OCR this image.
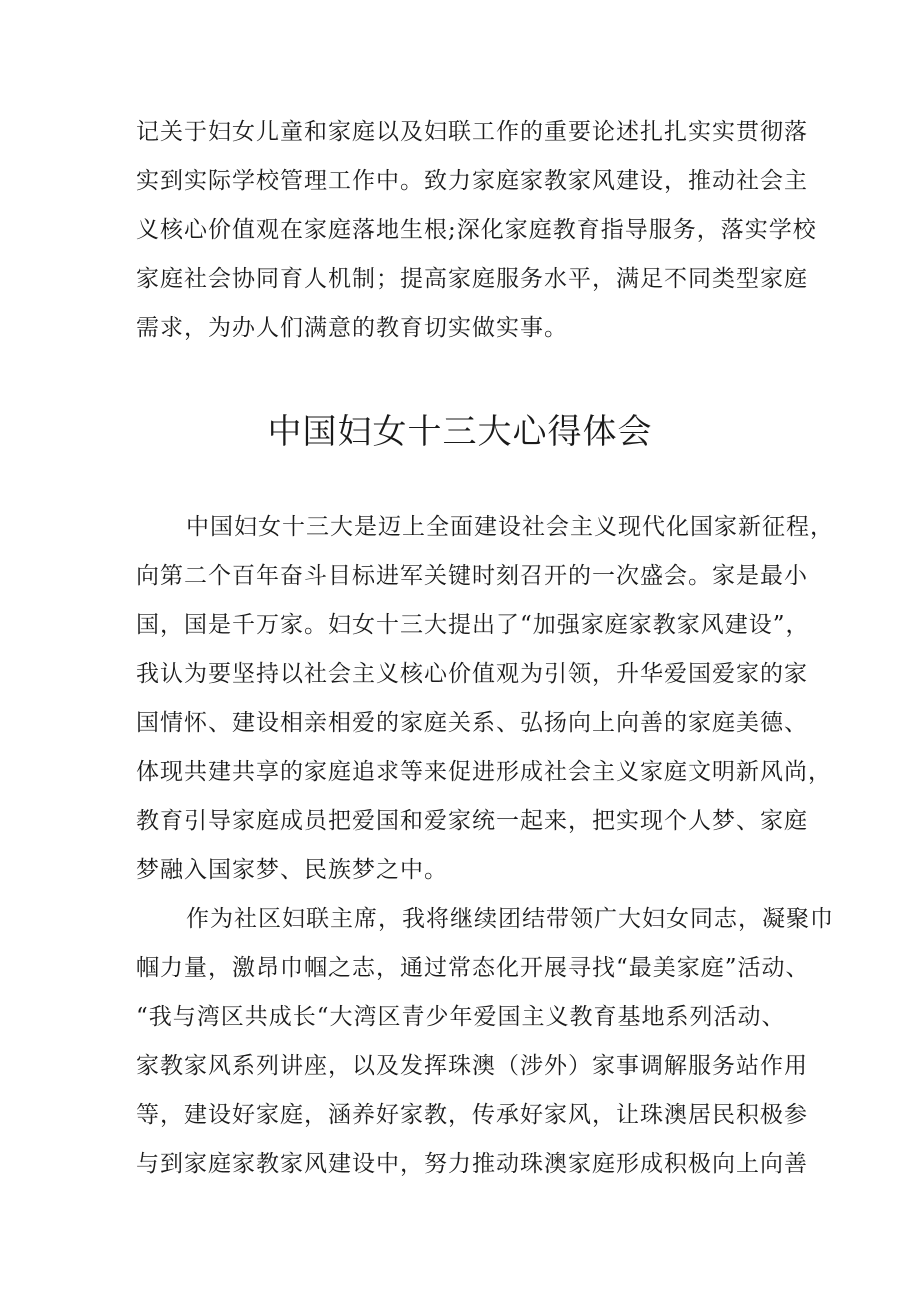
记关于妇女儿童和家庭以及妇联工作的重要论述扎扎实实贯彻落
实到实际学校管理工作中。致力家庭家教家风建设，推动社会主
义核心价值观在家庭落地生根;深化家庭教育指导服务，落实学校
家庭社会协同育人机制；提高家庭服务水平，满足不同类型家庭
需求，为办人们满意的教育切实做实事。
中国妇女十三大心得体会
中国妇女十三大是迈上全面建设社会主义现代化国家新征程，
向第二个百年奋斗目标进军关键时刻召开的一次盛会。家是最小
国，国是千万家。妇女十三大提出了“加强家庭家教家风建设”，
我认为要坚持以社会主义核心价值观为引领，升华爱国爱家的家
国情怀、建设相亲相爱的家庭关系、弘扬向上向善的家庭美德、
体现共建共享的家庭追求等来促进形成社会主义家庭文明新风尚，
教育引导家庭成员把爱国和爱家统一起来，把实现个人梦、家庭
梦融入国家梦、民族梦之中。
作为社区妇联主席，我将继续团结带领广大妇女同志，凝聚巾
帼力量，激昂巾帼之志，通过常态化开展寻找“最美家庭”活动、
“我与湾区共成长“大湾区青少年爱国主义教育基地系列活动、
家教家风系列讲座，以及发挥珠澳（涉外）家事调解服务站作用
等，建设好家庭，涵养好家教，传承好家风，让珠澳居民积极参
与到家庭家教家风建设中，努力推动珠澳家庭形成积极向上向善
